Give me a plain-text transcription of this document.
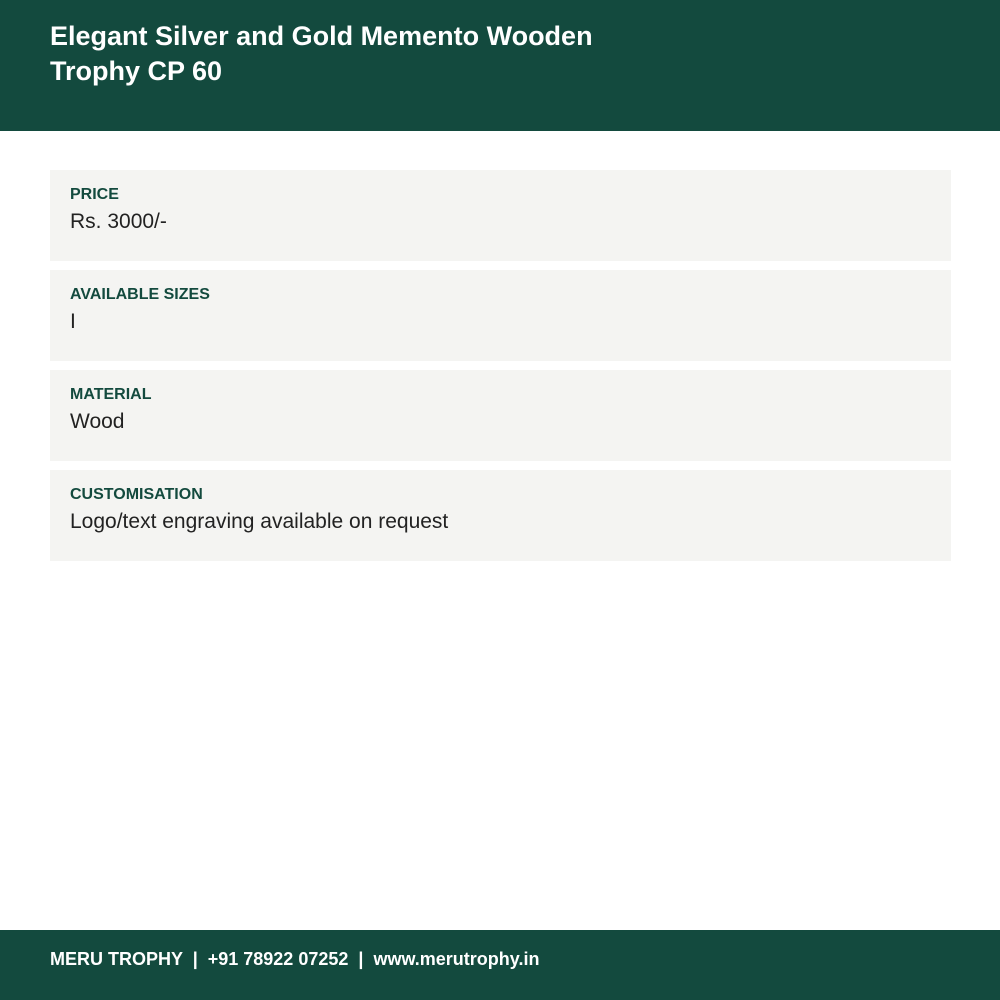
Elegant Silver and Gold Memento Wooden Trophy CP 60
PRICE
Rs. 3000/-
AVAILABLE SIZES
I
MATERIAL
Wood
CUSTOMISATION
Logo/text engraving available on request
MERU TROPHY  |  +91 78922 07252  |  www.merutrophy.in
